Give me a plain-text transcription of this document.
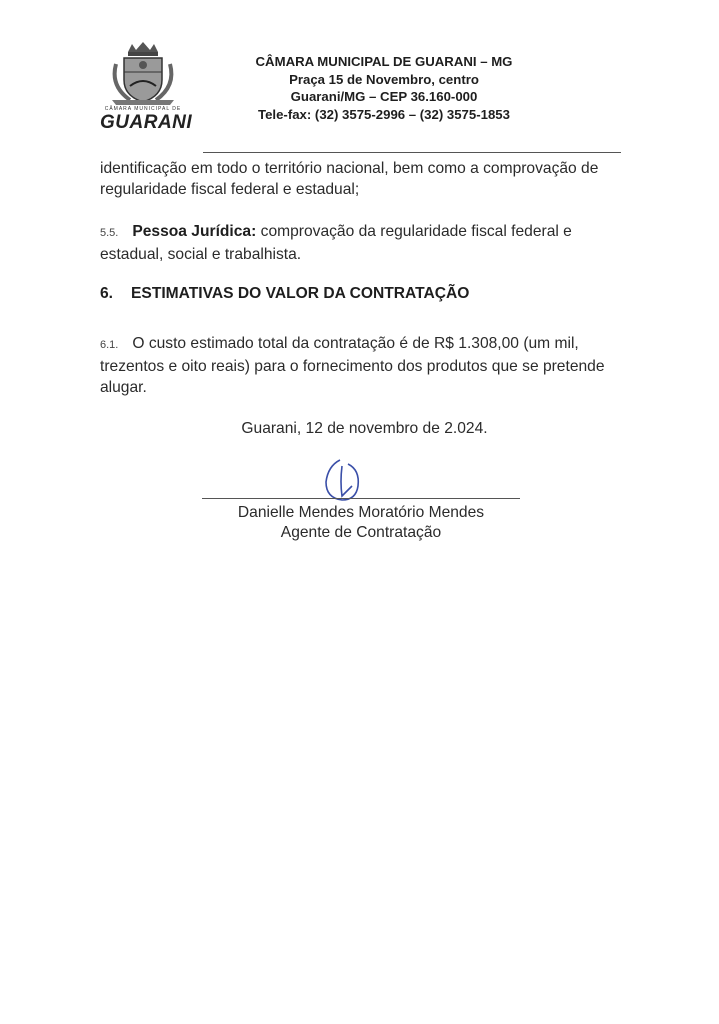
CÂMARA MUNICIPAL DE
GUARANI
CÂMARA MUNICIPAL DE GUARANI – MG
Praça 15 de Novembro, centro
Guarani/MG – CEP 36.160-000
Tele-fax: (32) 3575-2996 – (32) 3575-1853
identificação em todo o território nacional, bem como a comprovação de regularidade fiscal federal e estadual;
5.5. Pessoa Jurídica: comprovação da regularidade fiscal federal e estadual, social e trabalhista.
6. ESTIMATIVAS DO VALOR DA CONTRATAÇÃO
6.1. O custo estimado total da contratação é de R$ 1.308,00 (um mil, trezentos e oito reais) para o fornecimento dos produtos que se pretende alugar.
Guarani, 12 de novembro de 2.024.
Danielle Mendes Moratório Mendes
Agente de Contratação
